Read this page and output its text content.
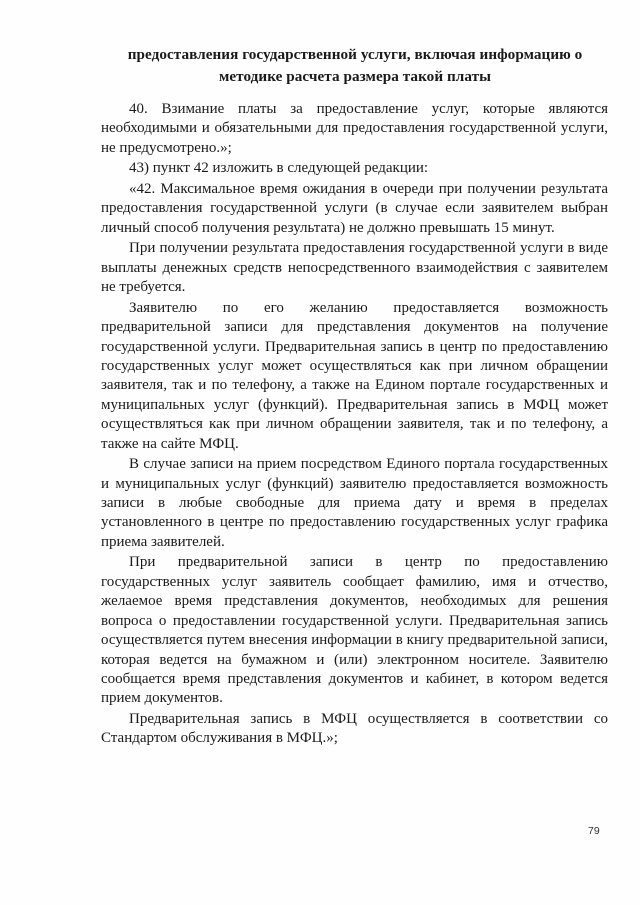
предоставления государственной услуги, включая информацию о методике расчета размера такой платы

40. Взимание платы за предоставление услуг, которые являются необходимыми и обязательными для предоставления государственной услуги, не предусмотрено.»;

43) пункт 42 изложить в следующей редакции:

«42. Максимальное время ожидания в очереди при получении результата предоставления государственной услуги (в случае если заявителем выбран личный способ получения результата) не должно превышать 15 минут.

При получении результата предоставления государственной услуги в виде выплаты денежных средств непосредственного взаимодействия с заявителем не требуется.

Заявителю по его желанию предоставляется возможность предварительной записи для представления документов на получение государственной услуги. Предварительная запись в центр по предоставлению государственных услуг может осуществляться как при личном обращении заявителя, так и по телефону, а также на Едином портале государственных и муниципальных услуг (функций). Предварительная запись в МФЦ может осуществляться как при личном обращении заявителя, так и по телефону, а также на сайте МФЦ.

В случае записи на прием посредством Единого портала государственных и муниципальных услуг (функций) заявителю предоставляется возможность записи в любые свободные для приема дату и время в пределах установленного в центре по предоставлению государственных услуг графика приема заявителей.

При предварительной записи в центр по предоставлению государственных услуг заявитель сообщает фамилию, имя и отчество, желаемое время представления документов, необходимых для решения вопроса о предоставлении государственной услуги. Предварительная запись осуществляется путем внесения информации в книгу предварительной записи, которая ведется на бумажном и (или) электронном носителе. Заявителю сообщается время представления документов и кабинет, в котором ведется прием документов.

Предварительная запись в МФЦ осуществляется в соответствии со Стандартом обслуживания в МФЦ.»;

79
